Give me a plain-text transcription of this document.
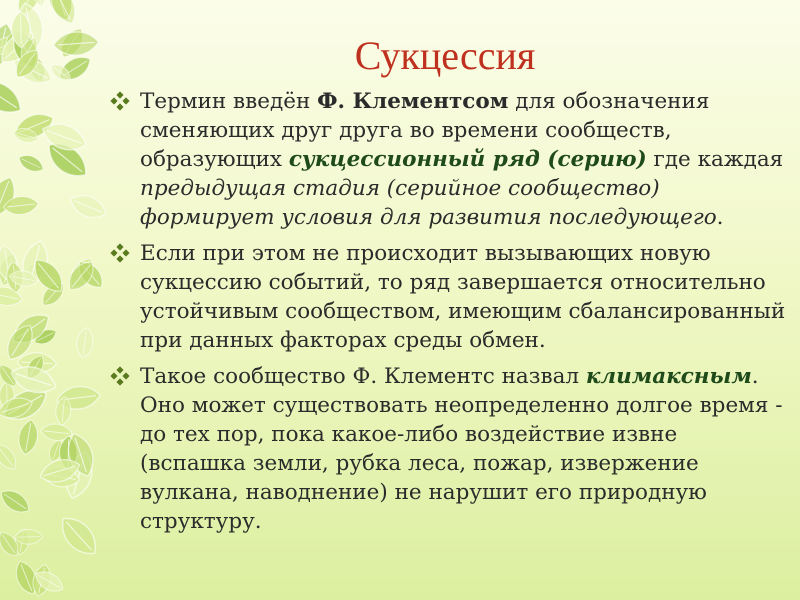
Сукцессия
Термин введён Ф. Клементсом для обозначения сменяющих друг друга во времени сообществ, образующих сукцессионный ряд (серию) где каждая предыдущая стадия (серийное сообщество) формирует условия для развития последующего.
Если при этом не происходит вызывающих новую сукцессию событий, то ряд завершается относительно устойчивым сообществом, имеющим сбалансированный при данных факторах среды обмен.
Такое сообщество Ф. Клементс назвал климаксным. Оно может существовать неопределенно долгое время - до тех пор, пока какое-либо воздействие извне (вспашка земли, рубка леса, пожар, извержение вулкана, наводнение) не нарушит его природную структуру.
